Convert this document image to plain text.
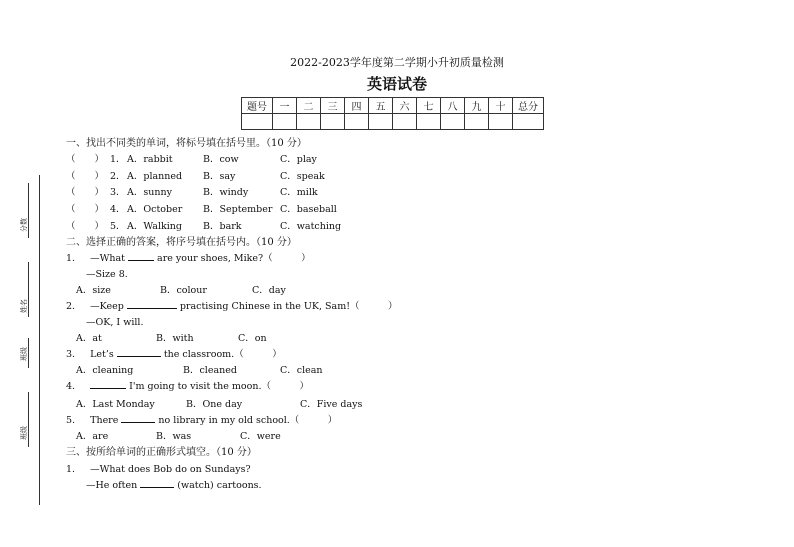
2022-2023学年度第二学期小升初质量检测
英语试卷
题号	一	二	三	四	五	六	七	八	九	十	总分

分数
姓名
班级
班级
一、找出不同类的单词，将标号填在括号里。（10 分）
（　　） 1． A．rabbit	B．cow	C．play
（　　） 2． A．planned B．say	C．speak
（　　） 3． A．sunny	B．windy	C．milk
（　　） 4． A．October B．September C．baseball
（　　） 5． A．Walking B．bark	C．watching
二、选择正确的答案，将序号填在括号内。（10 分）
1. —What	are your shoes, Mike?（　　　）
—Size 8.
A．size	B．colour	C．day
2. —Keep	practising Chinese in the UK, Sam!（　　　）
—OK, I will.
A．at	B．with	C．on
3. Let’s	the classroom.（　　　）
A．cleaning	B．cleaned	C．clean
4.	I'm going to visit the moon.（　　　）
A．Last Monday	B．One day	C．Five days
5. There	no library in my old school.（　　　）
A．are	B．was	C．were
三、按所给单词的正确形式填空。（10 分）
1. —What does Bob do on Sundays?
—He often	(watch) cartoons.
